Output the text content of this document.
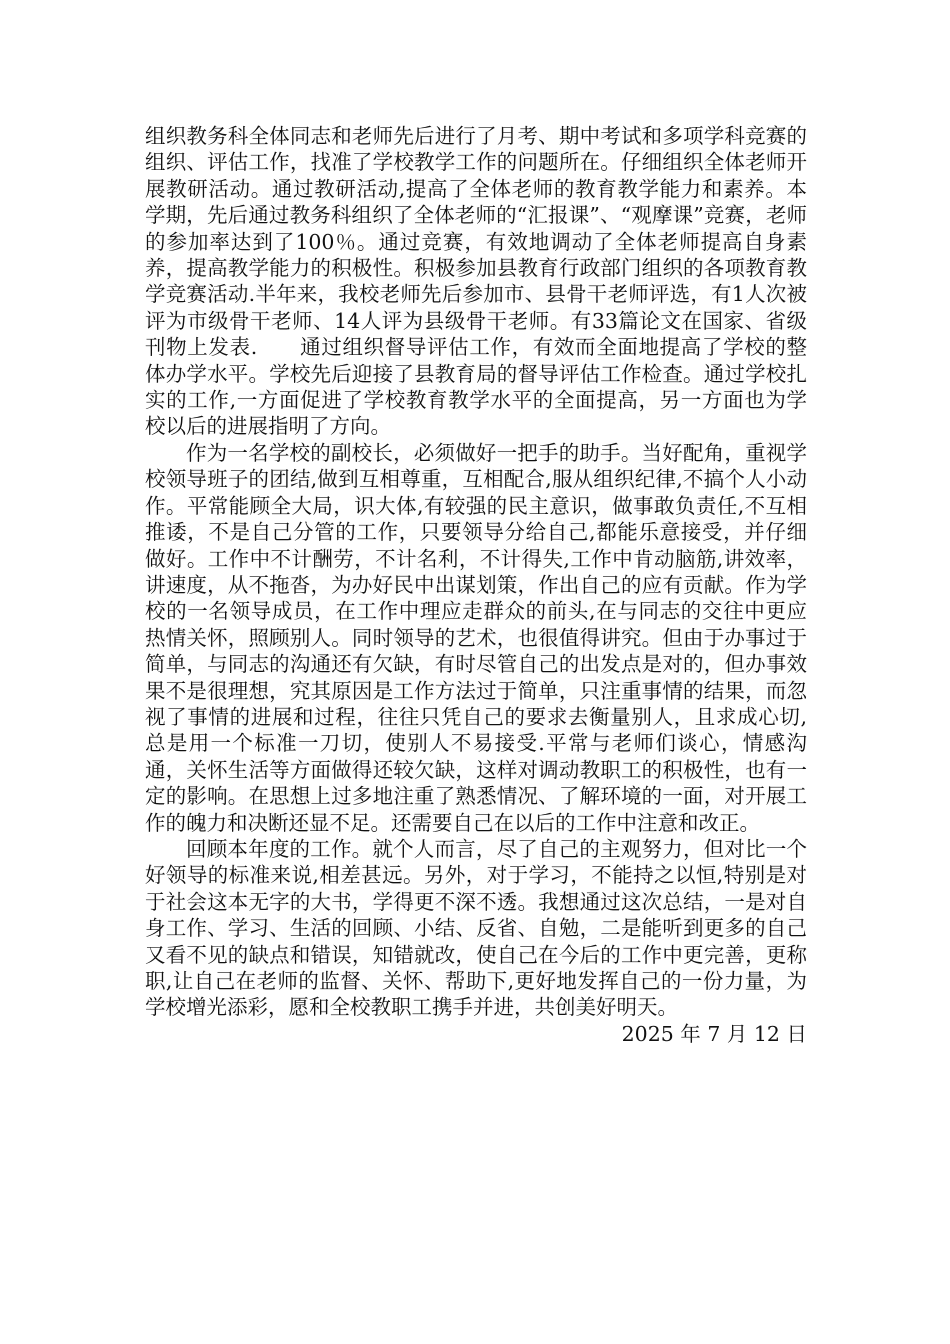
组织教务科全体同志和老师先后进行了月考、期中考试和多项学科竞赛的组织、评估工作，找准了学校教学工作的问题所在。仔细组织全体老师开展教研活动。通过教研活动,提高了全体老师的教育教学能力和素养。本学期，先后通过教务科组织了全体老师的“汇报课”、“观摩课”竞赛，老师的参加率达到了100％。通过竞赛，有效地调动了全体老师提高自身素养，提高教学能力的积极性。积极参加县教育行政部门组织的各项教育教学竞赛活动.半年来，我校老师先后参加市、县骨干老师评选，有1人次被评为市级骨干老师、14人评为县级骨干老师。有33篇论文在国家、省级刊物上发表.　　通过组织督导评估工作，有效而全面地提高了学校的整体办学水平。学校先后迎接了县教育局的督导评估工作检查。通过学校扎实的工作,一方面促进了学校教育教学水平的全面提高，另一方面也为学校以后的进展指明了方向。

作为一名学校的副校长，必须做好一把手的助手。当好配角，重视学校领导班子的团结,做到互相尊重，互相配合,服从组织纪律,不搞个人小动作。平常能顾全大局，识大体,有较强的民主意识，做事敢负责任,不互相推诿，不是自己分管的工作，只要领导分给自己,都能乐意接受，并仔细做好。工作中不计酬劳，不计名利，不计得失,工作中肯动脑筋,讲效率，讲速度，从不拖沓，为办好民中出谋划策，作出自己的应有贡献。作为学校的一名领导成员，在工作中理应走群众的前头,在与同志的交往中更应热情关怀，照顾别人。同时领导的艺术，也很值得讲究。但由于办事过于简单，与同志的沟通还有欠缺，有时尽管自己的出发点是对的，但办事效果不是很理想，究其原因是工作方法过于简单，只注重事情的结果，而忽视了事情的进展和过程，往往只凭自己的要求去衡量别人，且求成心切,总是用一个标准一刀切，使别人不易接受.平常与老师们谈心，情感沟通，关怀生活等方面做得还较欠缺，这样对调动教职工的积极性，也有一定的影响。在思想上过多地注重了熟悉情况、了解环境的一面，对开展工作的魄力和决断还显不足。还需要自己在以后的工作中注意和改正。

回顾本年度的工作。就个人而言，尽了自己的主观努力，但对比一个好领导的标准来说,相差甚远。另外，对于学习，不能持之以恒,特别是对于社会这本无字的大书，学得更不深不透。我想通过这次总结，一是对自身工作、学习、生活的回顾、小结、反省、自勉，二是能听到更多的自己又看不见的缺点和错误，知错就改，使自己在今后的工作中更完善，更称职,让自己在老师的监督、关怀、帮助下,更好地发挥自己的一份力量，为学校增光添彩，愿和全校教职工携手并进，共创美好明天。

2025 年 7 月 12 日
